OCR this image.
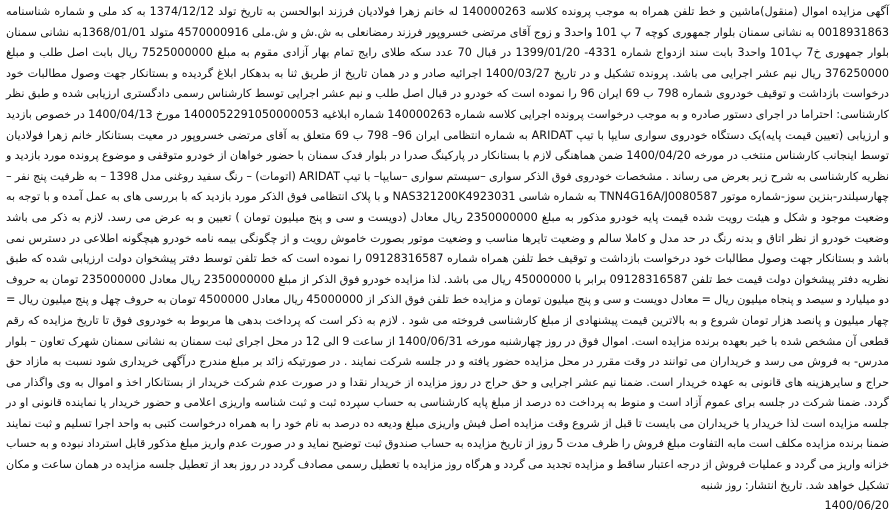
آگهی مزایده اموال (منقول)ماشین و خط تلفن همراه به موجب پرونده کلاسه 140000263 له خانم زهرا فولادیان فرزند ابوالحسن به تاریخ تولد 1374/12/12 به کد ملی و شماره شناسنامه 0018931863 به نشانی سمنان بلوار جمهوری کوچه 7 پ 101 واحد3 و زوج آقای مرتضی خسروپور فرزند رمضانعلی به ش.ش و ش.ملی 4570000916 متولد 1368/01/01به نشانی سمنان بلوار جمهوری خ7 پ101 واحد3 بابت سند ازدواج شماره 4331- 1399/01/20 در قبال 70 عدد سکه طلای رایج تمام بهار آزادی مقوم به مبلغ 7525000000 ریال بابت اصل طلب و مبلغ 376250000 ریال نیم عشر اجرایی می باشد. پرونده تشکیل و در تاریخ 1400/03/27 اجرائیه صادر و در همان تاریخ از طریق ثنا به بدهکار ابلاغ گردیده و بستانکار جهت وصول مطالبات خود درخواست بازداشت و توقیف خودروی شماره 798 ب 69 ایران 96 را نموده است که خودرو در قبال اصل طلب و نیم عشر اجرایی توسط کارشناس رسمی دادگستری ارزیابی شده و طبق نظر کارشناسی: احتراما در اجرای دستور صادره و به موجب درخواست پرونده اجرایی کلاسه شماره 140000263 شماره ابلاغیه 1400052291050000053 مورخ 1400/04/13 در خصوص بازدید و ارزیابی (تعیین قیمت پایه)یک دستگاه خودروی سواری سایپا با تیپ ARIDAT به شماره انتظامی ایران 96– 798 ب 69 متعلق به آقای مرتضی خسروپور در معیت بستانکار خانم زهرا فولادیان توسط اینجانب کارشناس منتخب در مورخه 1400/04/20 ضمن هماهنگی لازم با بستانکار در پارکینگ صدرا در بلوار فدک سمنان با حضور خواهان از خودرو متوقفی و موضوع پرونده مورد بازدید و نظریه کارشناسی به شرح زیر بعرض می رساند . مشخصات خودروی فوق الذکر سواری –سیستم سواری –سایپا– با تیپ ARIDAT (اتومات) – رنگ سفید روغنی مدل 1398 – به ظرفیت پنج نفر –چهارسیلندر-بنزین سوز-شماره موتور TNN4G16A/J0080587 به شماره شاسی NAS321200K4923031 و با پلاک انتظامی فوق الذکر مورد بازدید که با بررسی های به عمل آمده و با توجه به وضعیت موجود و شکل و هیئت رویت شده قیمت پایه خودرو مذکور به مبلغ 2350000000 ریال معادل (دویست و سی و پنج میلیون تومان ) تعیین و به عرض می رسد. لازم به ذکر می باشد وضعیت خودرو از نظر اتاق و بدنه رنگ در حد مدل و کاملا سالم و وضعیت تایرها مناسب و وضعیت موتور بصورت خاموش رویت و از چگونگی بیمه نامه خودرو هیچگونه اطلاعی در دسترس نمی باشد و بستانکار جهت وصول مطالبات خود درخواست بازداشت و توقیف خط تلفن همراه شماره 09128316587 را نموده است که خط تلفن توسط دفتر پیشخوان دولت ارزیابی شده که طبق نظریه دفتر پیشخوان دولت قیمت خط تلفن 09128316587 برابر با 45000000 ریال می باشد. لذا مزایده خودرو فوق الذکر از مبلغ 2350000000 ریال معادل 235000000 تومان به حروف دو میلیارد و سیصد و پنجاه میلیون ریال = معادل دویست و سی و پنج میلیون تومان و مزایده خط تلفن فوق الذکر از 45000000 ریال معادل 4500000 تومان به حروف چهل و پنج میلیون ریال = چهار میلیون و پانصد هزار تومان شروع و به بالاترین قیمت پیشنهادی از مبلغ کارشناسی فروخته می شود . لازم به ذکر است که پرداخت بدهی ها مربوط به خودروی فوق تا تاریخ مزایده که رقم قطعی آن مشخص شده با خیر بعهده برنده مزایده است. اموال فوق در روز چهارشنبه مورخه 1400/06/31 از ساعت 9 الی 12 در محل اجرای ثبت سمنان به نشانی سمنان شهرک تعاون – بلوار مدرس- به فروش می رسد و خریداران می توانند در وقت مقرر در محل مزایده حضور یافته و در جلسه شرکت نمایند . در صورتیکه زائد بر مبلغ مندرج درآگهی خریداری شود نسبت به مازاد حق حراج و سایرهزینه های قانونی به عهده خریدار است. ضمنا نیم عشر اجرایی و حق حراج در روز مزایده از خریدار نقدا و در صورت عدم شرکت خریدار از بستانکار اخذ و اموال به وی واگذار می گردد. ضمنا شرکت در جلسه برای عموم آزاد است و منوط به پرداخت ده درصد از مبلغ پایه کارشناسی به حساب سپرده ثبت و ثبت شناسه واریزی اعلامی و حضور خریدار یا نماینده قانونی او در جلسه مزایده است لذا خریدار یا خریداران می بایست تا قبل از شروع وقت مزایده اصل فیش واریزی مبلغ ودیعه ده درصد به نام خود را به همراه درخواست کتبی به واحد اجرا تسلیم و ثبت نمایند ضمنا برنده مزایده مکلف است مابه التفاوت مبلغ فروش را ظرف مدت 5 روز از تاریخ مزایده به حساب صندوق ثبت توضیح نماید و در صورت عدم واریز مبلغ مذکور قابل استرداد نبوده و به حساب خزانه واریز می گردد و عملیات فروش از درجه اعتبار ساقط و مزایده تجدید می گردد و هرگاه روز مزایده با تعطیل رسمی مصادف گردد در روز بعد از تعطیل جلسه مزایده در همان ساعت و مکان تشکیل خواهد شد. تاریخ انتشار: روز شنبه

1400/06/20
